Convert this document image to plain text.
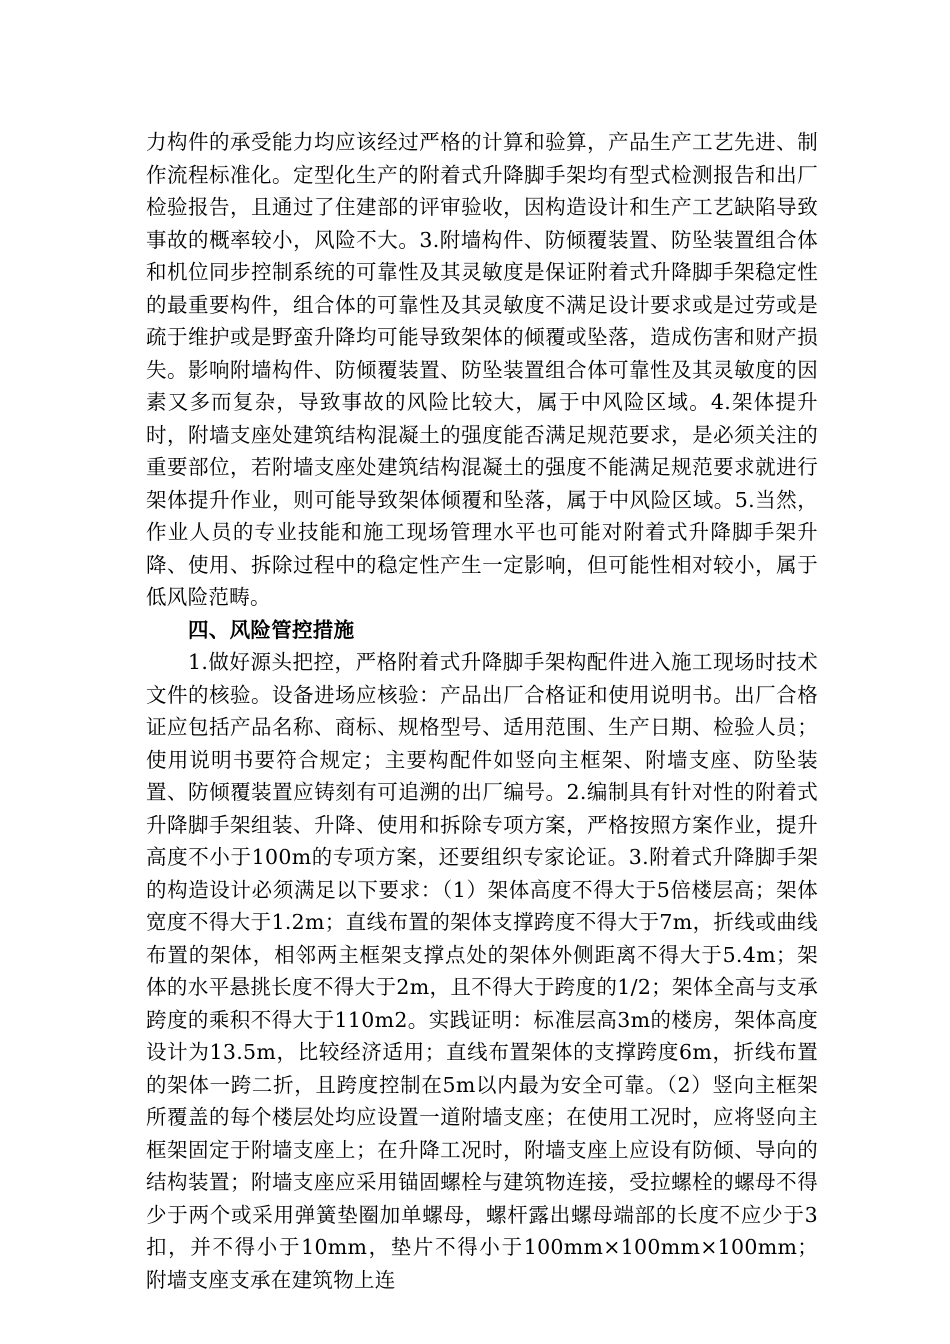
力构件的承受能力均应该经过严格的计算和验算，产品生产工艺先进、制作流程标准化。定型化生产的附着式升降脚手架均有型式检测报告和出厂检验报告，且通过了住建部的评审验收，因构造设计和生产工艺缺陷导致事故的概率较小，风险不大。3.附墙构件、防倾覆装置、防坠装置组合体和机位同步控制系统的可靠性及其灵敏度是保证附着式升降脚手架稳定性的最重要构件，组合体的可靠性及其灵敏度不满足设计要求或是过劳或是疏于维护或是野蛮升降均可能导致架体的倾覆或坠落，造成伤害和财产损失。影响附墙构件、防倾覆装置、防坠装置组合体可靠性及其灵敏度的因素又多而复杂，导致事故的风险比较大，属于中风险区域。4.架体提升时，附墙支座处建筑结构混凝土的强度能否满足规范要求，是必须关注的重要部位，若附墙支座处建筑结构混凝土的强度不能满足规范要求就进行架体提升作业，则可能导致架体倾覆和坠落，属于中风险区域。5.当然，作业人员的专业技能和施工现场管理水平也可能对附着式升降脚手架升降、使用、拆除过程中的稳定性产生一定影响，但可能性相对较小，属于低风险范畴。

四、风险管控措施

1.做好源头把控，严格附着式升降脚手架构配件进入施工现场时技术文件的核验。设备进场应核验：产品出厂合格证和使用说明书。出厂合格证应包括产品名称、商标、规格型号、适用范围、生产日期、检验人员；使用说明书要符合规定；主要构配件如竖向主框架、附墙支座、防坠装置、防倾覆装置应铸刻有可追溯的出厂编号。2.编制具有针对性的附着式升降脚手架组装、升降、使用和拆除专项方案，严格按照方案作业，提升高度不小于100m的专项方案，还要组织专家论证。3.附着式升降脚手架的构造设计必须满足以下要求：（1）架体高度不得大于5倍楼层高；架体宽度不得大于1.2m；直线布置的架体支撑跨度不得大于7m，折线或曲线布置的架体，相邻两主框架支撑点处的架体外侧距离不得大于5.4m；架体的水平悬挑长度不得大于2m，且不得大于跨度的1/2；架体全高与支承跨度的乘积不得大于110m2。实践证明：标准层高3m的楼房，架体高度设计为13.5m，比较经济适用；直线布置架体的支撑跨度6m，折线布置的架体一跨二折，且跨度控制在5m以内最为安全可靠。（2）竖向主框架所覆盖的每个楼层处均应设置一道附墙支座；在使用工况时，应将竖向主框架固定于附墙支座上；在升降工况时，附墙支座上应设有防倾、导向的结构装置；附墙支座应采用锚固螺栓与建筑物连接，受拉螺栓的螺母不得少于两个或采用弹簧垫圈加单螺母，螺杆露出螺母端部的长度不应少于3扣，并不得小于10mm，垫片不得小于100mm×100mm×100mm；附墙支座支承在建筑物上连
